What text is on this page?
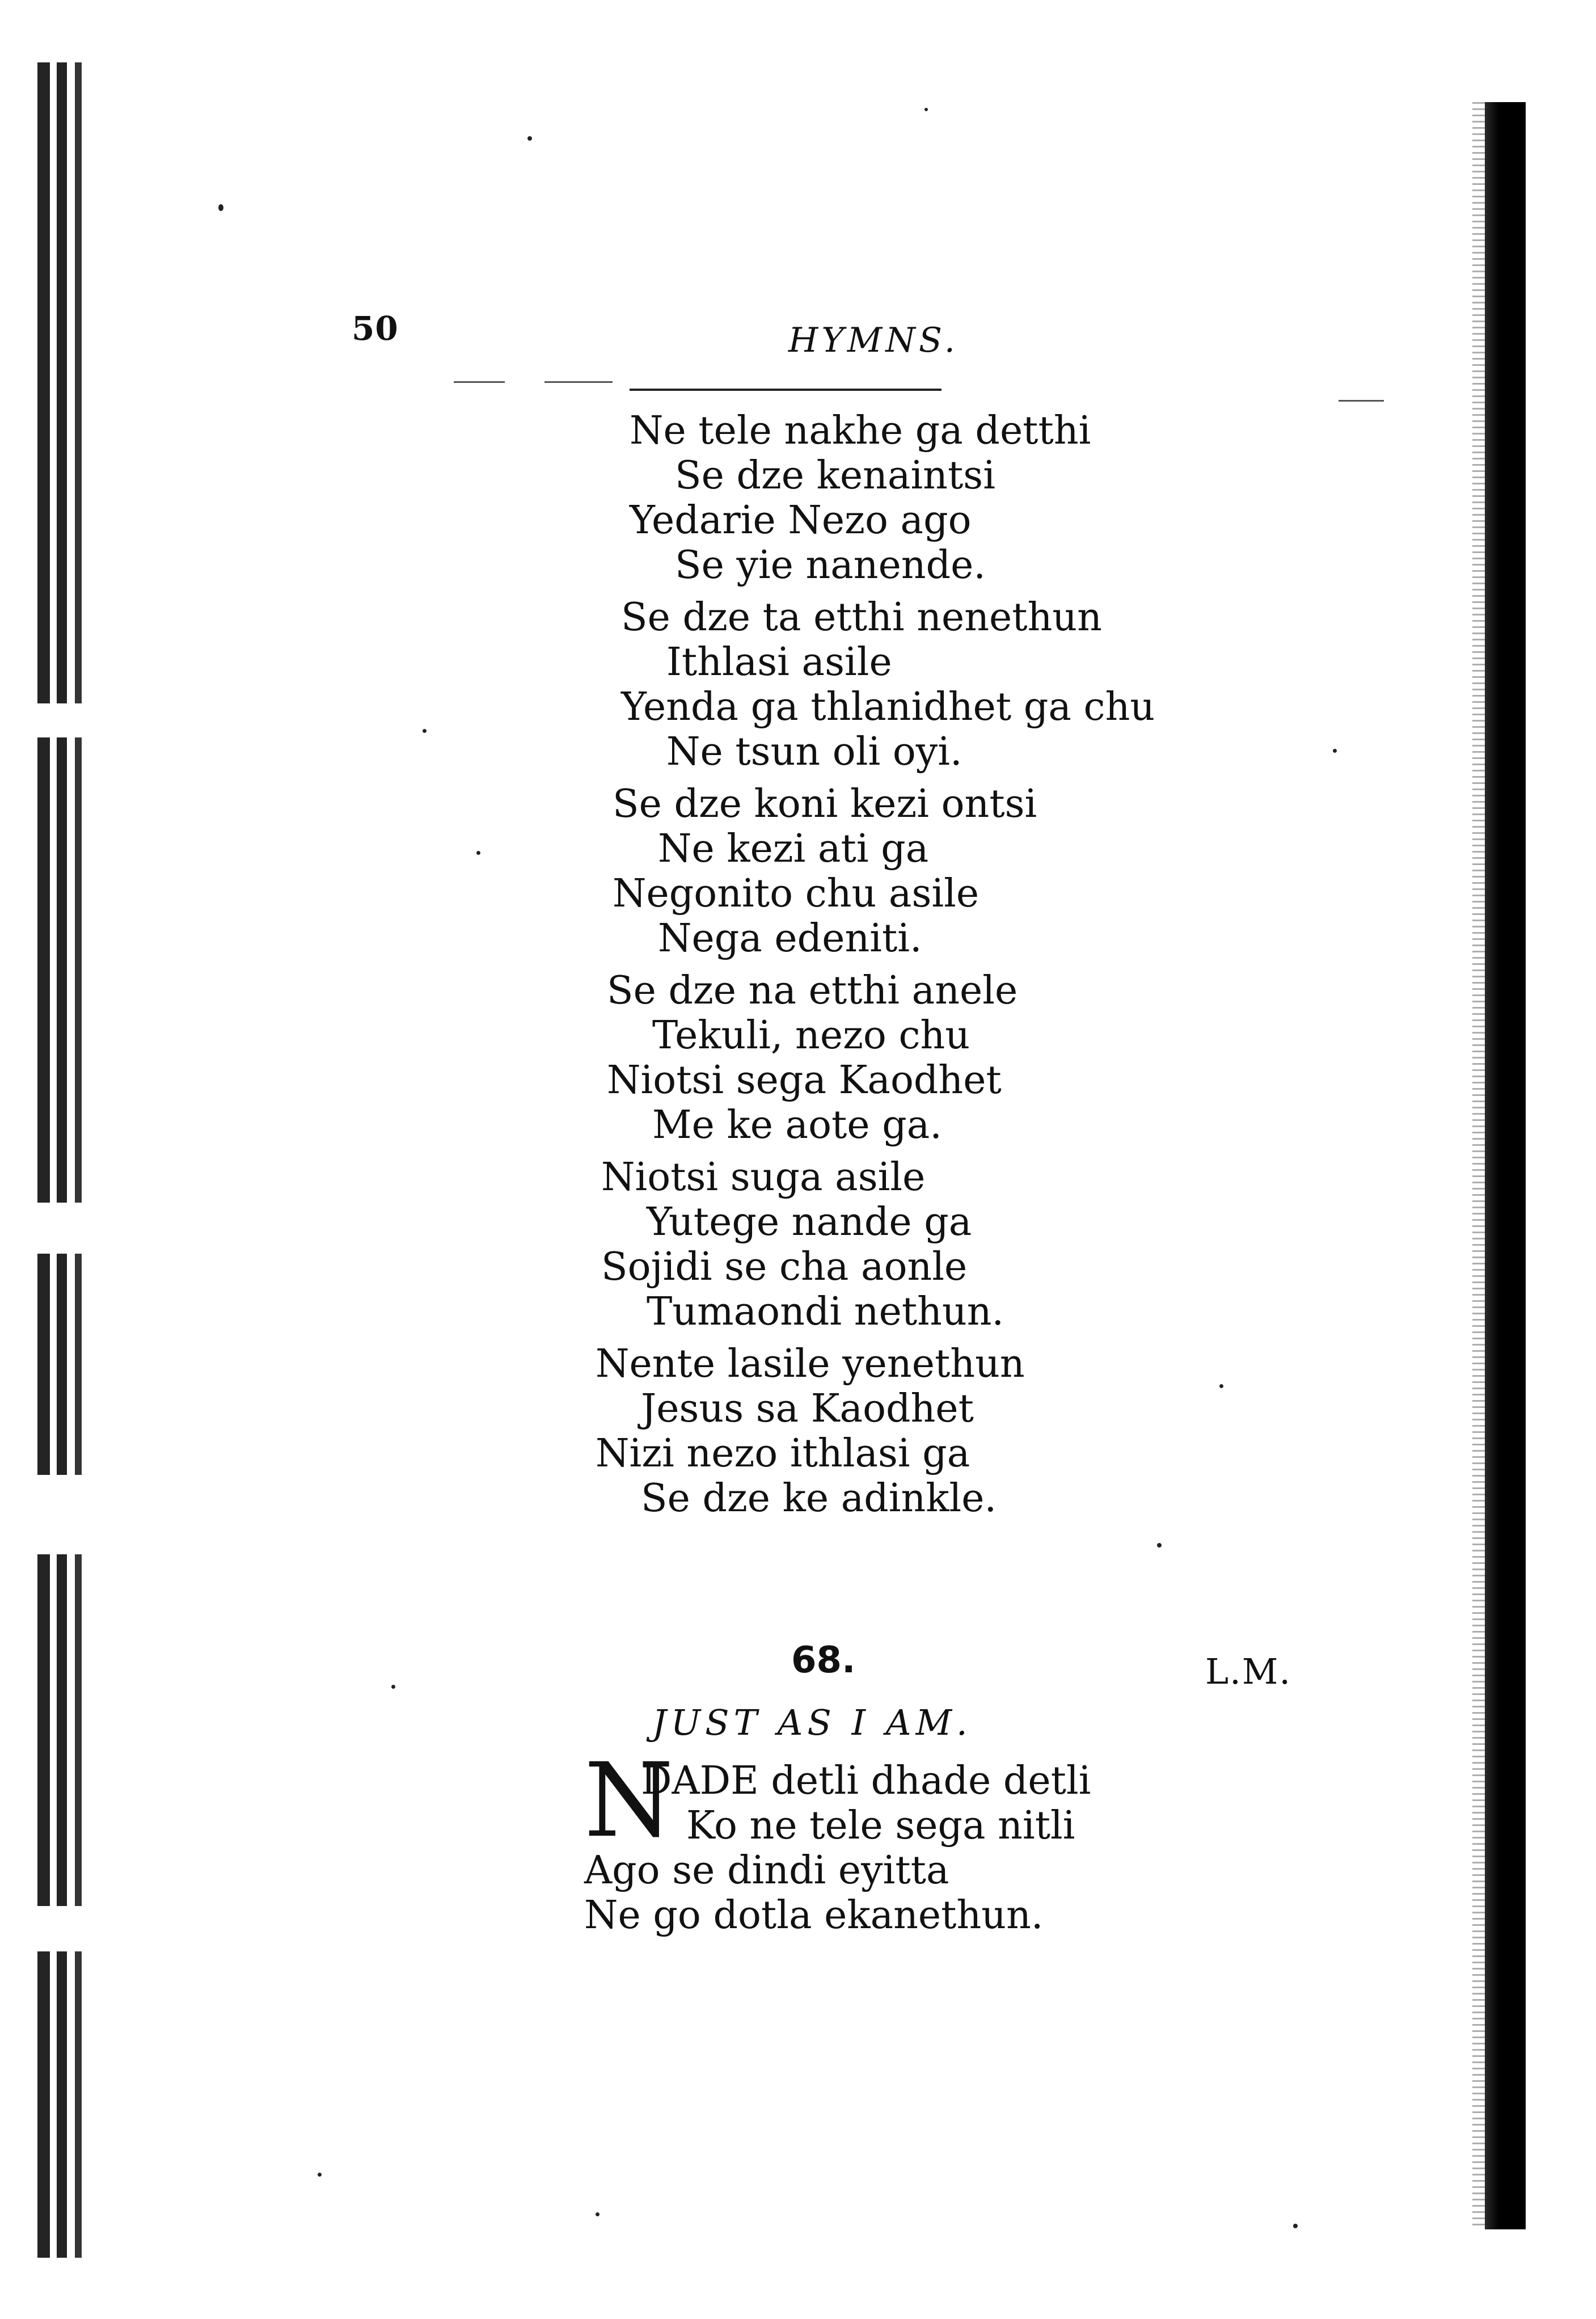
50	HYMNS.
Ne tele nakhe ga detthi
Se dze kenaintsi
Yedarie Nezo ago
Se yie nanende.
Se dze ta etthi nenethun
Ithlasi asile
Yenda ga thlanidhet ga chu
Ne tsun oli oyi.
Se dze koni kezi ontsi
Ne kezi ati ga
Negonito chu asile
Nega edeniti.
Se dze na etthi anele
Tekuli, nezo chu
Niotsi sega Kaodhet
Me ke aote ga.
Niotsi suga asile
Yutege nande ga
Sojidi se cha aonle
Tumaondi nethun.
Nente lasile yenethun
Jesus sa Kaodhet
Nizi nezo ithlasi ga
Se dze ke adinkle.
68.	L.M.
JUST AS I AM.
N
DADE detli dhade detli
Ko ne tele sega nitli
Ago se dindi eyitta
Ne go dotla ekanethun.
